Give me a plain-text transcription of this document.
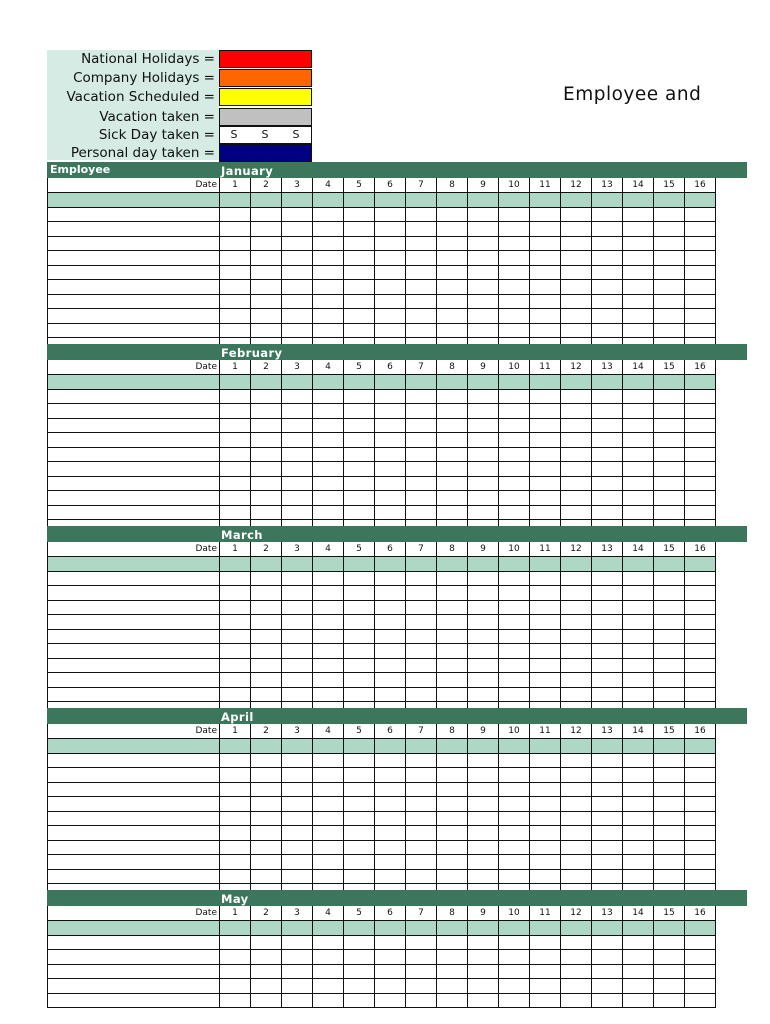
National Holidays =
Company Holidays =
Vacation Scheduled =
Vacation taken =
Sick Day taken =	S	S	S
Personal day taken =
Employee and
Employee	January
Date	1	2	3	4	5	6	7	8	9	10	11	12	13	14	15	16

February
Date	1	2	3	4	5	6	7	8	9	10	11	12	13	14	15	16

March
Date	1	2	3	4	5	6	7	8	9	10	11	12	13	14	15	16

April
Date	1	2	3	4	5	6	7	8	9	10	11	12	13	14	15	16

May
Date	1	2	3	4	5	6	7	8	9	10	11	12	13	14	15	16
